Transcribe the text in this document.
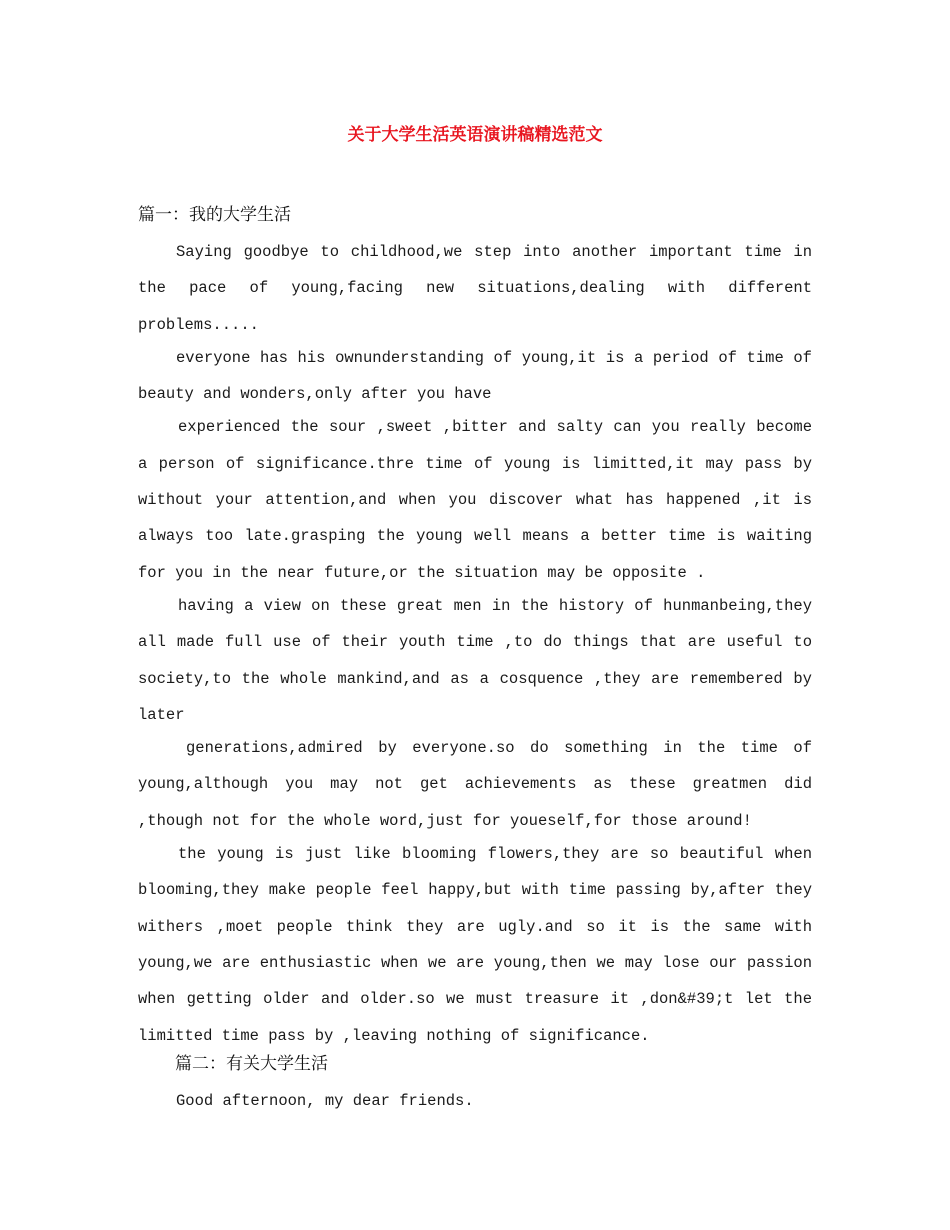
关于大学生活英语演讲稿精选范文
篇一：我的大学生活

Saying goodbye to childhood,we step into another important time in the pace of young,facing new situations,dealing with different problems.....

everyone has his ownunderstanding of young,it is a period of time of beauty and wonders,only after you have

experienced the sour ,sweet ,bitter and salty can you really become a person of significance.thre time of young is limitted,it may pass by without your attention,and when you discover what has happened ,it is always too late.grasping the young well means a better time is waiting for you in the near future,or the situation may be opposite .

having a view on these great men in the history of hunmanbeing,they all made full use of their youth time ,to do things that are useful to society,to the whole mankind,and as a cosquence ,they are remembered by later

generations,admired by everyone.so do something in the time of young,although you may not get achievements as these greatmen did ,though not for the whole word,just for youeself,for those around!

the young is just like blooming flowers,they are so beautiful when blooming,they make people feel happy,but with time passing by,after they withers ,moet people think they are ugly.and so it is the same with young,we are enthusiastic when we are young,then we may lose our passion when getting older and older.so we must treasure it ,don&#39;t let the limitted time pass by ,leaving nothing of significance.

篇二：有关大学生活

Good afternoon, my dear friends.
